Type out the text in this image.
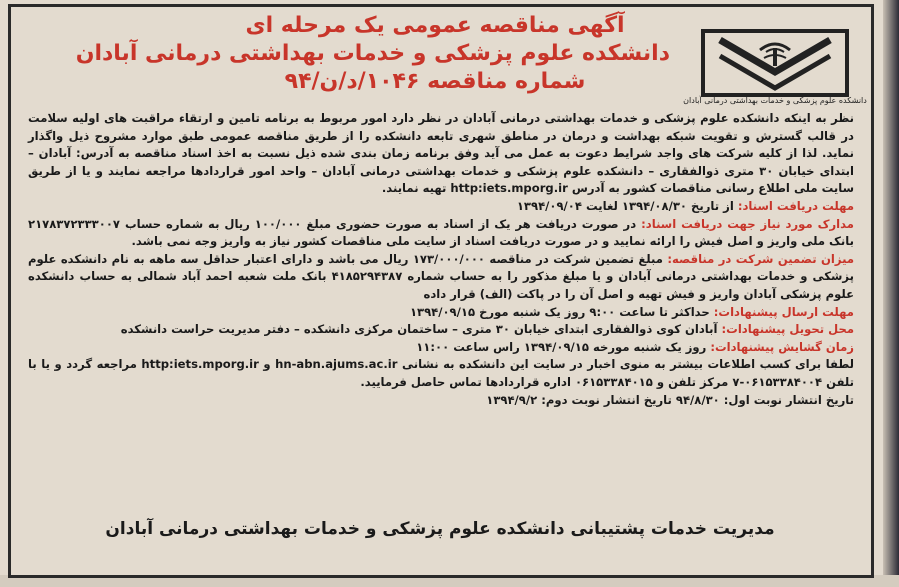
دانشکده علوم پزشکی و خدمات بهداشتی درمانی آبادان
آگهی مناقصه عمومی یک مرحله ای
دانشکده علوم پزشکی و خدمات بهداشتی درمانی آبادان
شماره مناقصه ۱۰۴۶/د/ن/۹۴

نظر به اینکه دانشکده علوم پزشکی و خدمات بهداشتی درمانی آبادان در نظر دارد امور مربوط به برنامه تامین و ارتقاء مراقبت های اولیه سلامت در قالب گسترش و تقویت شبکه بهداشت و درمان در مناطق شهری تابعه دانشکده را از طریق مناقصه عمومی طبق موارد مشروح ذیل واگذار نماید. لذا از کلیه شرکت های واجد شرایط دعوت به عمل می آید وفق برنامه زمان بندی شده ذیل نسبت به اخذ اسناد مناقصه به آدرس: آبادان – ابتدای خیابان ۳۰ متری ذوالفقاری – دانشکده علوم پزشکی و خدمات بهداشتی درمانی آبادان – واحد امور قراردادها مراجعه نمایند و یا از طریق سایت ملی اطلاع رسانی مناقصات کشور به آدرس http:iets.mporg.ir تهیه نمایند.

مهلت دریافت اسناد: از تاریخ ۱۳۹۴/۰۸/۳۰ لغایت ۱۳۹۴/۰۹/۰۴

مدارک مورد نیاز جهت دریافت اسناد: در صورت دریافت هر یک از اسناد به صورت حضوری مبلغ ۱۰۰/۰۰۰ ریال به شماره حساب ۲۱۷۸۳۷۲۳۳۳۰۰۷ بانک ملی واریز و اصل فیش را ارائه نمایید و در صورت دریافت اسناد از سایت ملی مناقصات کشور نیاز به واریز وجه نمی باشد.

میزان تضمین شرکت در مناقصه: مبلغ تضمین شرکت در مناقصه ۱۷۳/۰۰۰/۰۰۰ ریال می باشد و دارای اعتبار حداقل سه ماهه به نام دانشکده علوم پزشکی و خدمات بهداشتی درمانی آبادان و یا مبلغ مذکور را به حساب شماره ۴۱۸۵۲۹۴۳۸۷ بانک ملت شعبه احمد آباد شمالی به حساب دانشکده علوم پزشکی آبادان واریز و فیش تهیه و اصل آن را در پاکت (الف) قرار داده

مهلت ارسال پیشنهادات: حداکثر تا ساعت ۹:۰۰ روز یک شنبه مورخ ۱۳۹۴/۰۹/۱۵

محل تحویل پیشنهادات: آبادان کوی ذوالفقاری ابتدای خیابان ۳۰ متری – ساختمان مرکزی دانشکده – دفتر مدیریت حراست دانشکده

زمان گشایش پیشنهادات: روز یک شنبه مورخه ۱۳۹۴/۰۹/۱۵ راس ساعت ۱۱:۰۰

لطفا برای کسب اطلاعات بیشتر به منوی اخبار در سایت این دانشکده به نشانی hn-abn.ajums.ac.ir و http:iets.mporg.ir مراجعه گردد و یا با تلفن ۰۶۱۵۳۳۸۴۰۰۴-۷ مرکز تلفن و ۰۶۱۵۳۳۸۴۰۱۵ اداره قراردادها تماس حاصل فرمایید.

تاریخ انتشار نوبت اول: ۹۴/۸/۳۰ تاریخ انتشار نوبت دوم: ۱۳۹۴/۹/۲

مدیریت خدمات پشتیبانی دانشکده علوم پزشکی و خدمات بهداشتی درمانی آبادان
